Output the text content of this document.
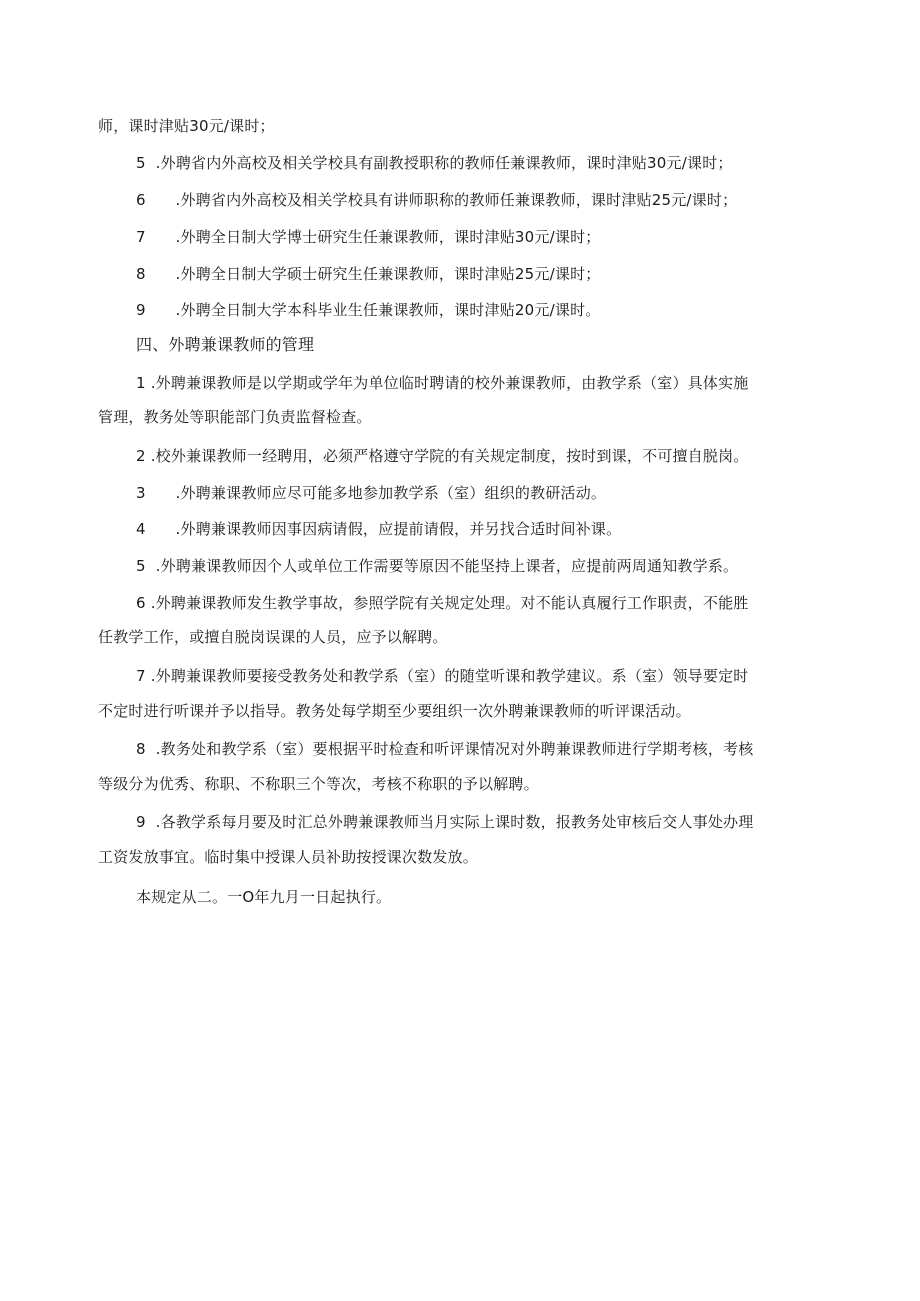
师，课时津贴30元/课时；
5  .外聘省内外高校及相关学校具有副教授职称的教师任兼课教师，课时津贴30元/课时；
6      .外聘省内外高校及相关学校具有讲师职称的教师任兼课教师，课时津贴25元/课时；
7      .外聘全日制大学博士研究生任兼课教师，课时津贴30元/课时；
8      .外聘全日制大学硕士研究生任兼课教师，课时津贴25元/课时；
9      .外聘全日制大学本科毕业生任兼课教师，课时津贴20元/课时。
四、外聘兼课教师的管理
1 .外聘兼课教师是以学期或学年为单位临时聘请的校外兼课教师，由教学系（室）具体实施
管理，教务处等职能部门负责监督检查。
2 .校外兼课教师一经聘用，必须严格遵守学院的有关规定制度，按时到课，不可擅自脱岗。
3      .外聘兼课教师应尽可能多地参加教学系（室）组织的教研活动。
4      .外聘兼课教师因事因病请假，应提前请假，并另找合适时间补课。
5  .外聘兼课教师因个人或单位工作需要等原因不能坚持上课者，应提前两周通知教学系。
6 .外聘兼课教师发生教学事故，参照学院有关规定处理。对不能认真履行工作职责，不能胜
任教学工作，或擅自脱岗误课的人员，应予以解聘。
7 .外聘兼课教师要接受教务处和教学系（室）的随堂听课和教学建议。系（室）领导要定时
不定时进行听课并予以指导。教务处每学期至少要组织一次外聘兼课教师的听评课活动。
8  .教务处和教学系（室）要根据平时检查和听评课情况对外聘兼课教师进行学期考核，考核
等级分为优秀、称职、不称职三个等次，考核不称职的予以解聘。
9  .各教学系每月要及时汇总外聘兼课教师当月实际上课时数，报教务处审核后交人事处办理
工资发放事宜。临时集中授课人员补助按授课次数发放。
本规定从二。一O年九月一日起执行。
